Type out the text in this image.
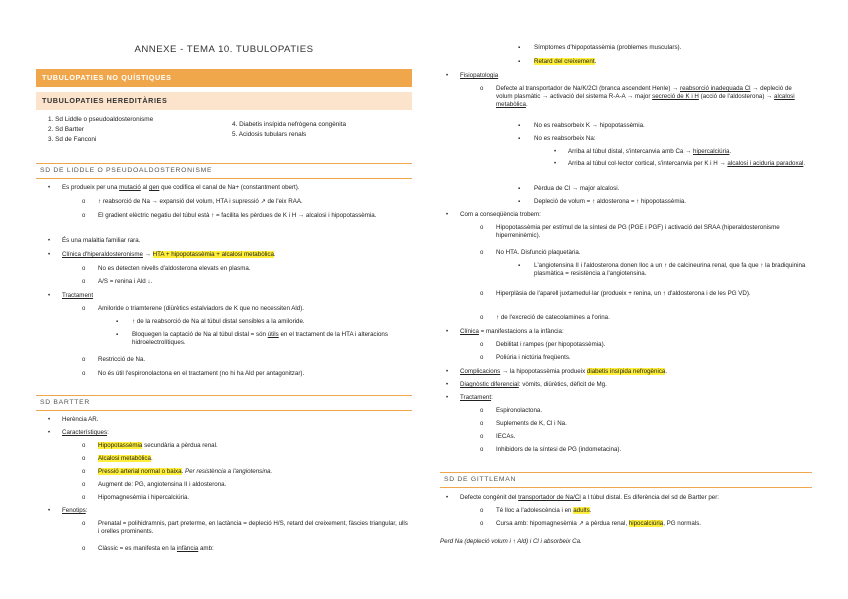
ANNEXE - TEMA 10. TUBULOPATIES
TUBULOPATIES NO QUÍSTIQUES
TUBULOPATIES HEREDITÀRIES
1. Sd Liddle o pseudoaldosteronisme
2. Sd Bartter
3. Sd de Fanconi
4. Diabetis insípida nefrògena congènita
5. Acidosis tubulars renals
SD DE LIDDLE O PSEUDOALDOSTERONISME
• Es produeix per una mutació al gen que codifica el canal de Na+ (constantment obert).
o ↑ reabsorció de Na → expansió del volum, HTA i supressió ↗ de l'eix RAA.
o El gradient elèctric negatiu del túbul està ↑ = facilita les pèrdues de K i H → alcalosi i hipopotassèmia.
• És una malaltia familiar rara.
• Clínica d'hiperaldosteronisme → HTA + hipopotassèmia + alcalosi metabòlica.
o No es detecten nivells d'aldosterona elevats en plasma.
o A/S = renina i Ald ↓.
• Tractament
o Amiloride o triamterene (diürètics estalviadors de K que no necessiten Ald).
▪ ↑ de la reabsorció de Na al túbul distal sensibles a la amiloride.
▪ Bloquegen la captació de Na al túbul distal = són útils en el tractament de la HTA i alteracions hidroelectrolítiques.
o Restricció de Na.
o No és útil l'espironolactona en el tractament (no hi ha Ald per antagonitzar).
SD BARTTER
• Herència AR.
• Característiques:
o Hipopotassèmia secundària a pèrdua renal.
o Alcalosi metabòlica.
o Pressió arterial normal o baixa. Per resistència a l'angiotensina.
o Augment de: PG, angiotensina II i aldosterona.
o Hipomagnesèmia i hipercalciúria.
• Fenotips:
o Prenatal = polihidramnis, part preterme, en lactància = depleció H/S, retard del creixement, fàscies triangular, ulls i orelles prominents.
o Clàssic = es manifesta en la infància amb:
▪ Símptomes d'hipopotassèmia (problemes musculars).
▪ Retard del creixement.
• Fisiopatologia
o Defecte al transportador de Na/K/2Cl (branca ascendent Henle) → reabsorció inadequada Cl → depleció de volum plasmàtic → activació del sistema R-A-A → major secreció de K i H (acció de l'aldosterona) → alcalosi metabòlica.
▪ No es reabsorbeix K → hipopotassèmia.
▪ No es reabsorbeix Na:
• Arriba al túbul distal, s'intercanvia amb Ca → hipercalciúria.
• Arriba al túbul col·lector cortical, s'intercanvia per K i H → alcalosi i aciduria paradoxal.
▪ Pèrdua de Cl → major alcalosi.
▪ Depleció de volum = ↑ aldosterona = ↑ hipopotassèmia.
• Com a conseqüència trobem:
o Hipopotassèmia per estímul de la síntesi de PG (PGE i PGF) i activació del SRAA (hiperaldosteronisme hiperreninèmic).
o No HTA. Disfunció plaquetària.
▪ L'angiotensina II i l'aldosterona donen lloc a un ↑ de calcineurina renal, que fa que ↑ la bradiquinina plasmàtica = resistència a l'angiotensina.
o Hiperplàsia de l'aparell juxtamedul·lar (produeix + renina, un ↑ d'aldosterona i de les PG VD).
o ↑ de l'excreció de catecolamines a l'orina.
• Clínica = manifestacions a la infància:
o Debilitat i rampes (per hipopotassèmia).
o Poliúria i nictúria freqüents.
• Complicacions → la hipopotassèmia produeix diabetis insípida nefrogènica.
• Diagnòstic diferencial: vòmits, diürètics, dèficit de Mg.
• Tractament:
o Espironolactona.
o Suplements de K, Cl i Na.
o IECAs.
o Inhibidors de la síntesi de PG (indometacina).
SD DE GITTLEMAN
• Defecte congènit del transportador de Na/Cl a l túbul distal. Es diferència del sd de Bartter per:
o Té lloc a l'adolescència i en adults.
o Cursa amb: hipomagnesèmia ↗ a pèrdua renal, hipocalciúria, PG normals.
Perd Na (depleció volum i ↑ Ald) i Cl i absorbeix Ca.
